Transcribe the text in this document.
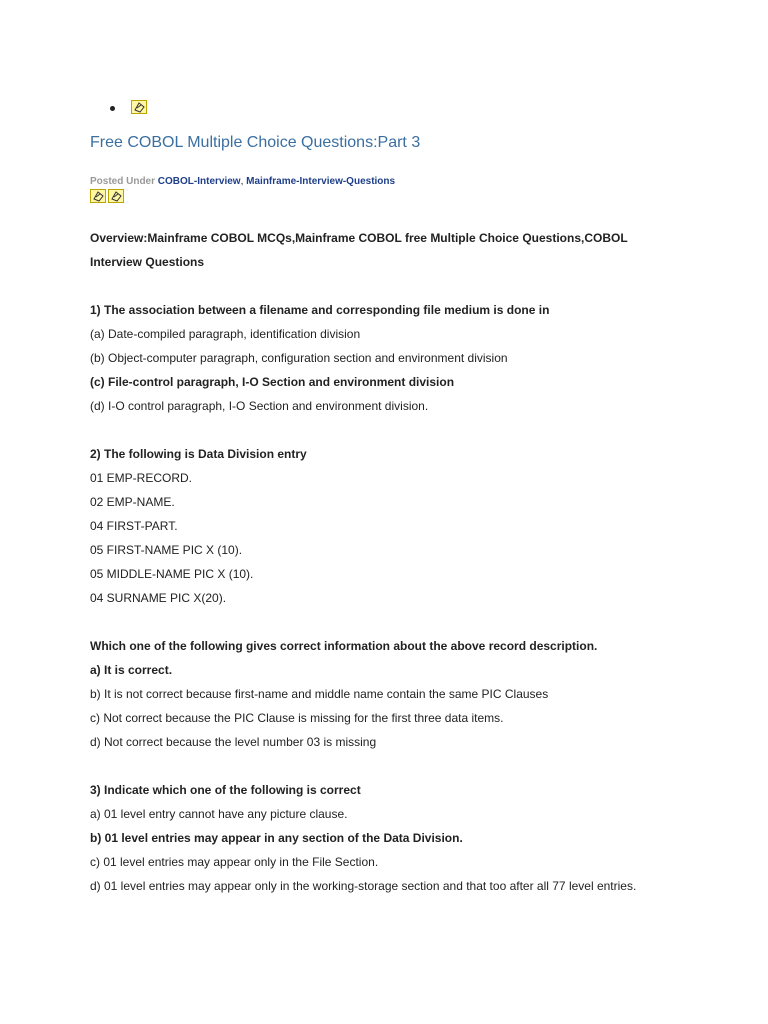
Free COBOL Multiple Choice Questions:Part 3
Posted Under COBOL-Interview, Mainframe-Interview-Questions

Overview:Mainframe COBOL MCQs,Mainframe COBOL free Multiple Choice Questions,COBOL

Interview Questions

1) The association between a filename and corresponding file medium is done in

(a) Date-compiled paragraph, identification division

(b) Object-computer paragraph, configuration section and environment division

(c) File-control paragraph, I-O Section and environment division

(d) I-O control paragraph, I-O Section and environment division.

2) The following is Data Division entry

01 EMP-RECORD.

02 EMP-NAME.

04 FIRST-PART.

05 FIRST-NAME PIC X (10).

05 MIDDLE-NAME PIC X (10).

04 SURNAME PIC X(20).

Which one of the following gives correct information about the above record description.

a) It is correct.

b) It is not correct because first-name and middle name contain the same PIC Clauses

c) Not correct because the PIC Clause is missing for the first three data items.

d) Not correct because the level number 03 is missing

3) Indicate which one of the following is correct

a) 01 level entry cannot have any picture clause.

b) 01 level entries may appear in any section of the Data Division.

c) 01 level entries may appear only in the File Section.

d) 01 level entries may appear only in the working-storage section and that too after all 77 level entries.
